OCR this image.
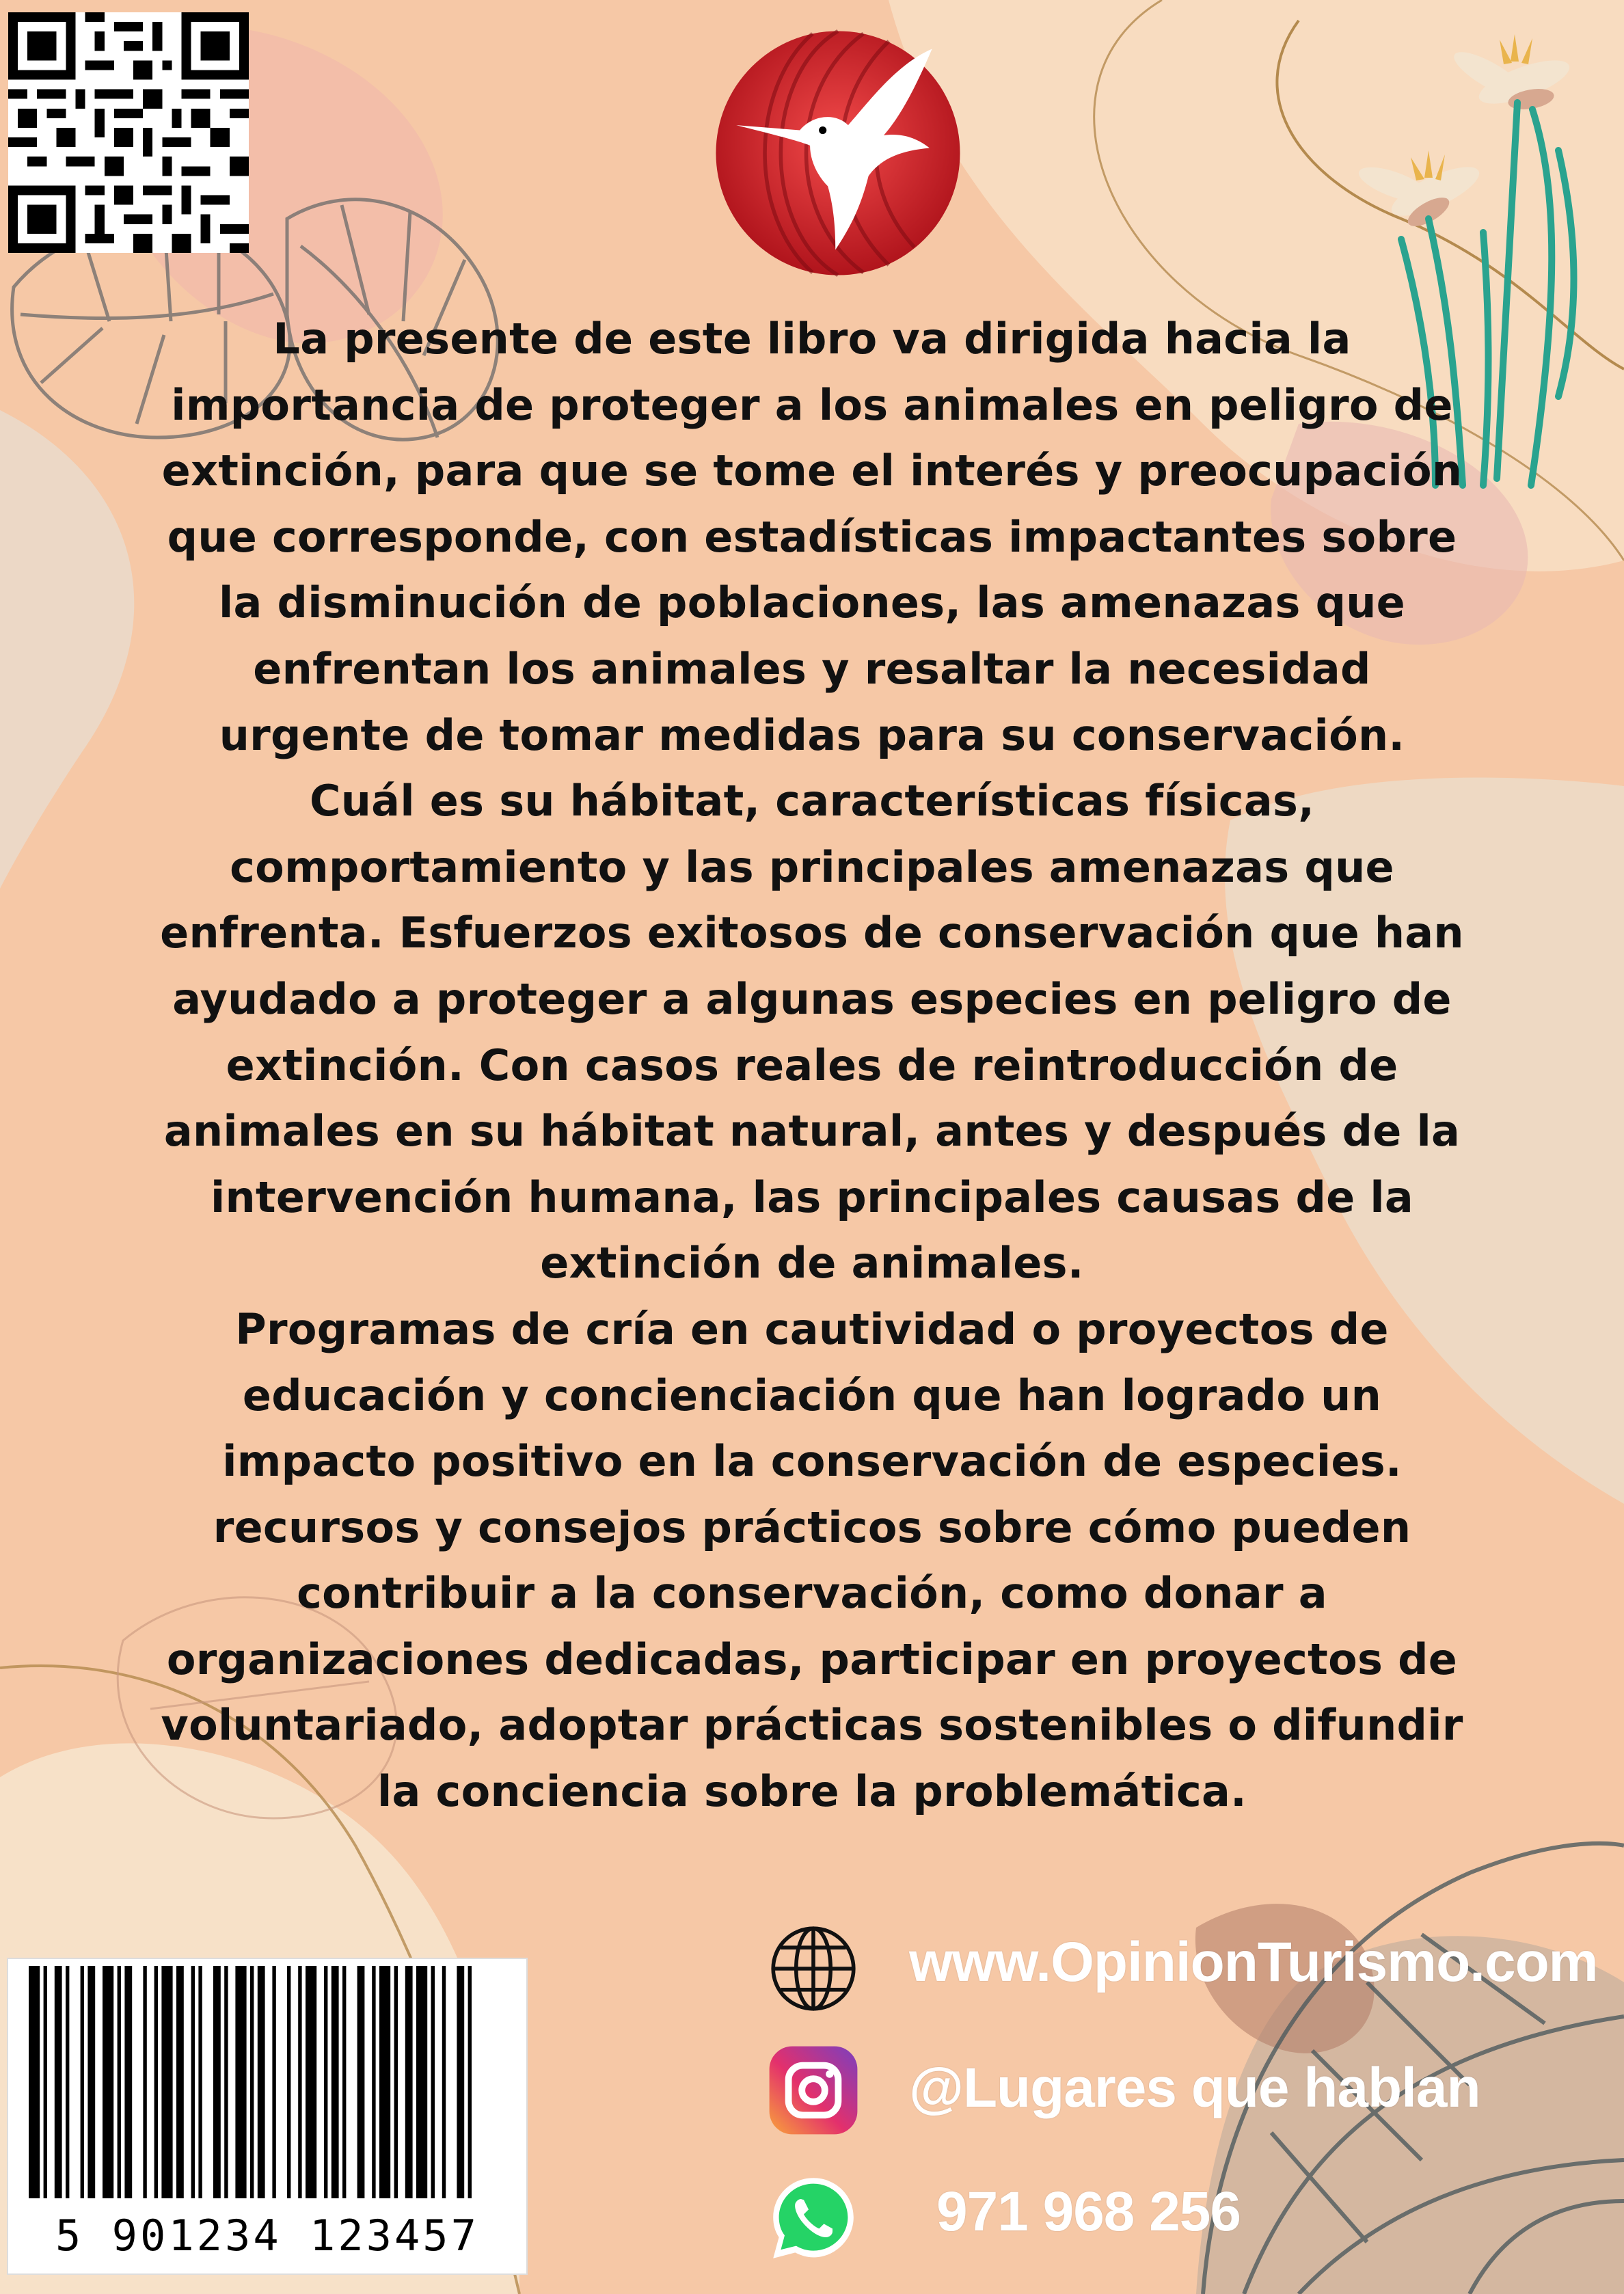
La presente de este libro va dirigida hacia la importancia de proteger a los animales en peligro de extinción, para que se tome el interés y preocupación que corresponde, con estadísticas impactantes sobre la disminución de poblaciones, las amenazas que enfrentan los animales y resaltar la necesidad urgente de tomar medidas para su conservación.

Cuál es su hábitat, características físicas, comportamiento y las principales amenazas que enfrenta. Esfuerzos exitosos de conservación que han ayudado a proteger a algunas especies en peligro de extinción. Con casos reales de reintroducción de animales en su hábitat natural, antes y después de la intervención humana, las principales causas de la extinción de animales.

Programas de cría en cautividad o proyectos de educación y concienciación que han logrado un impacto positivo en la conservación de especies. recursos y consejos prácticos sobre cómo pueden contribuir a la conservación, como donar a organizaciones dedicadas, participar en proyectos de voluntariado, adoptar prácticas sostenibles o difundir la conciencia sobre la problemática.

5 901234 123457
www.OpinionTurismo.com
@Lugares que hablan
971 968 256
